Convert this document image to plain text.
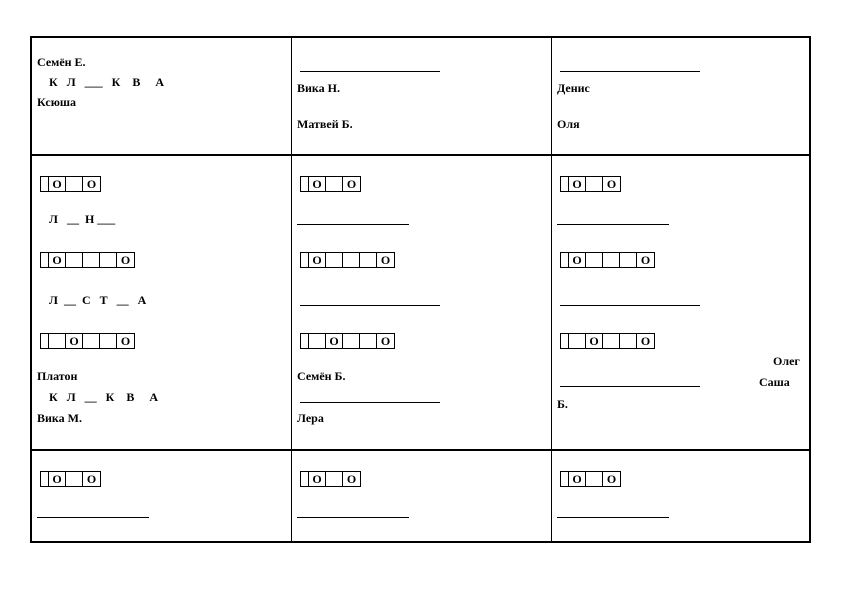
Семён Е.
К   Л   ___   К    В     А
Ксюша
Вика Н.
Матвей Б.
Денис
Оля
О	О
Л   __  Н ___
О	О
Л  __  С   Т   __   А
О	О
Платон
К   Л   __   К    В     А
Вика М.
О	О
О	О
О	О
Семён Б.
Лера
О	О
О	О
О	О
Олег
Саша
Б.
О	О	О	О	О	О
